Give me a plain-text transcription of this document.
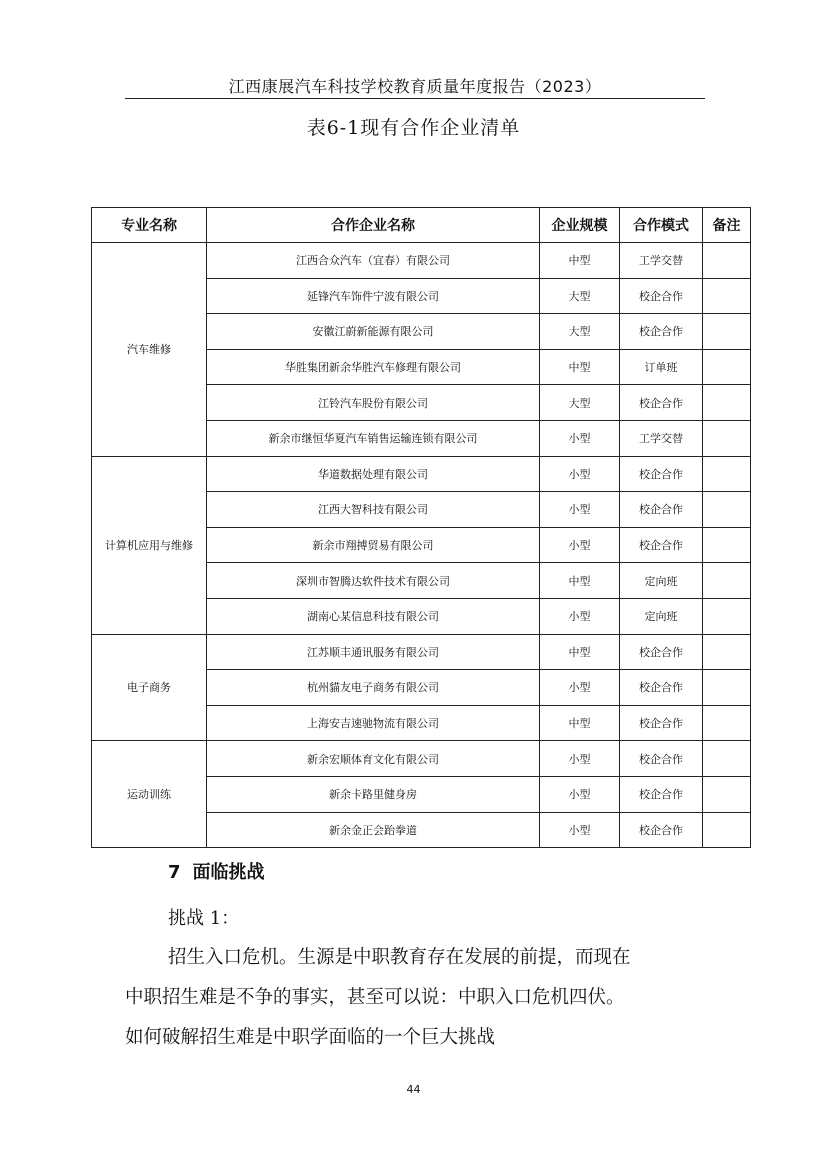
江西康展汽车科技学校教育质量年度报告（2023）
表6-1现有合作企业清单
专业名称	合作企业名称	企业规模	合作模式	备注
汽车维修	江西合众汽车（宜春）有限公司	中型	工学交替	
	延锋汽车饰件宁波有限公司	大型	校企合作	
	安徽江蔚新能源有限公司	大型	校企合作	
	华胜集团新余华胜汽车修理有限公司	中型	订单班	
	江铃汽车股份有限公司	大型	校企合作	
	新余市继恒华夏汽车销售运输连锁有限公司	小型	工学交替	
计算机应用与维修	华道数据处理有限公司	小型	校企合作	
	江西大智科技有限公司	小型	校企合作	
	新余市翔搏贸易有限公司	小型	校企合作	
	深圳市智腾达软件技术有限公司	中型	定向班	
	湖南心某信息科技有限公司	小型	定向班	
电子商务	江苏顺丰通讯服务有限公司	中型	校企合作	
	杭州貓友电子商务有限公司	小型	校企合作	
	上海安吉速驰物流有限公司	中型	校企合作	
运动训练	新余宏顺体育文化有限公司	小型	校企合作	
	新余卡路里健身房	小型	校企合作	
	新余金正会跆拳道	小型	校企合作	
7 面临挑战
挑战 1：
招生入口危机。生源是中职教育存在发展的前提，而现在
中职招生难是不争的事实，甚至可以说：中职入口危机四伏。
如何破解招生难是中职学面临的一个巨大挑战
44
